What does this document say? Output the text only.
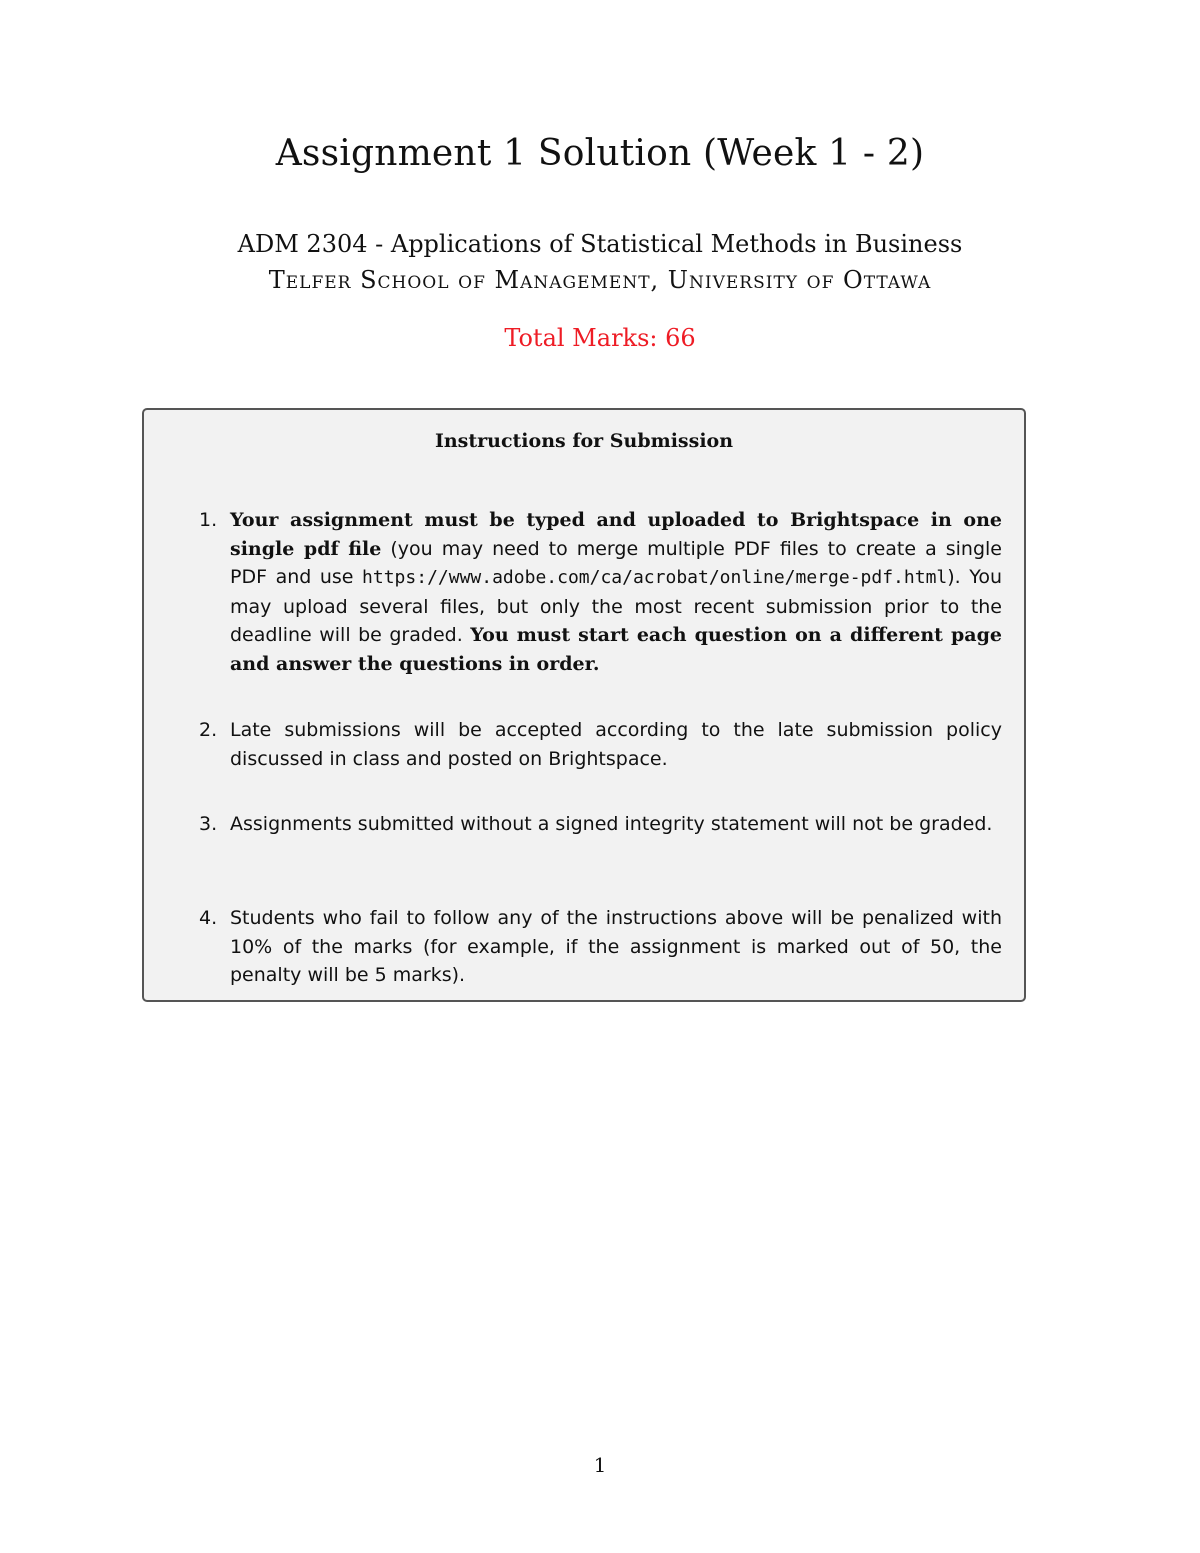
Assignment 1 Solution (Week 1 - 2)

ADM 2304 - Applications of Statistical Methods in Business

Telfer School of Management, University of Ottawa

Total Marks: 66

Instructions for Submission

1. Your assignment must be typed and uploaded to Brightspace in one single pdf file (you may need to merge multiple PDF files to create a single PDF and use https://www.adobe.com/ca/acrobat/online/merge-pdf.html). You may upload several files, but only the most recent submission prior to the deadline will be graded. You must start each question on a different page and answer the questions in order.

2. Late submissions will be accepted according to the late submission policy discussed in class and posted on Brightspace.

3. Assignments submitted without a signed integrity statement will not be graded.

4. Students who fail to follow any of the instructions above will be penalized with 10% of the marks (for example, if the assignment is marked out of 50, the penalty will be 5 marks).

1
